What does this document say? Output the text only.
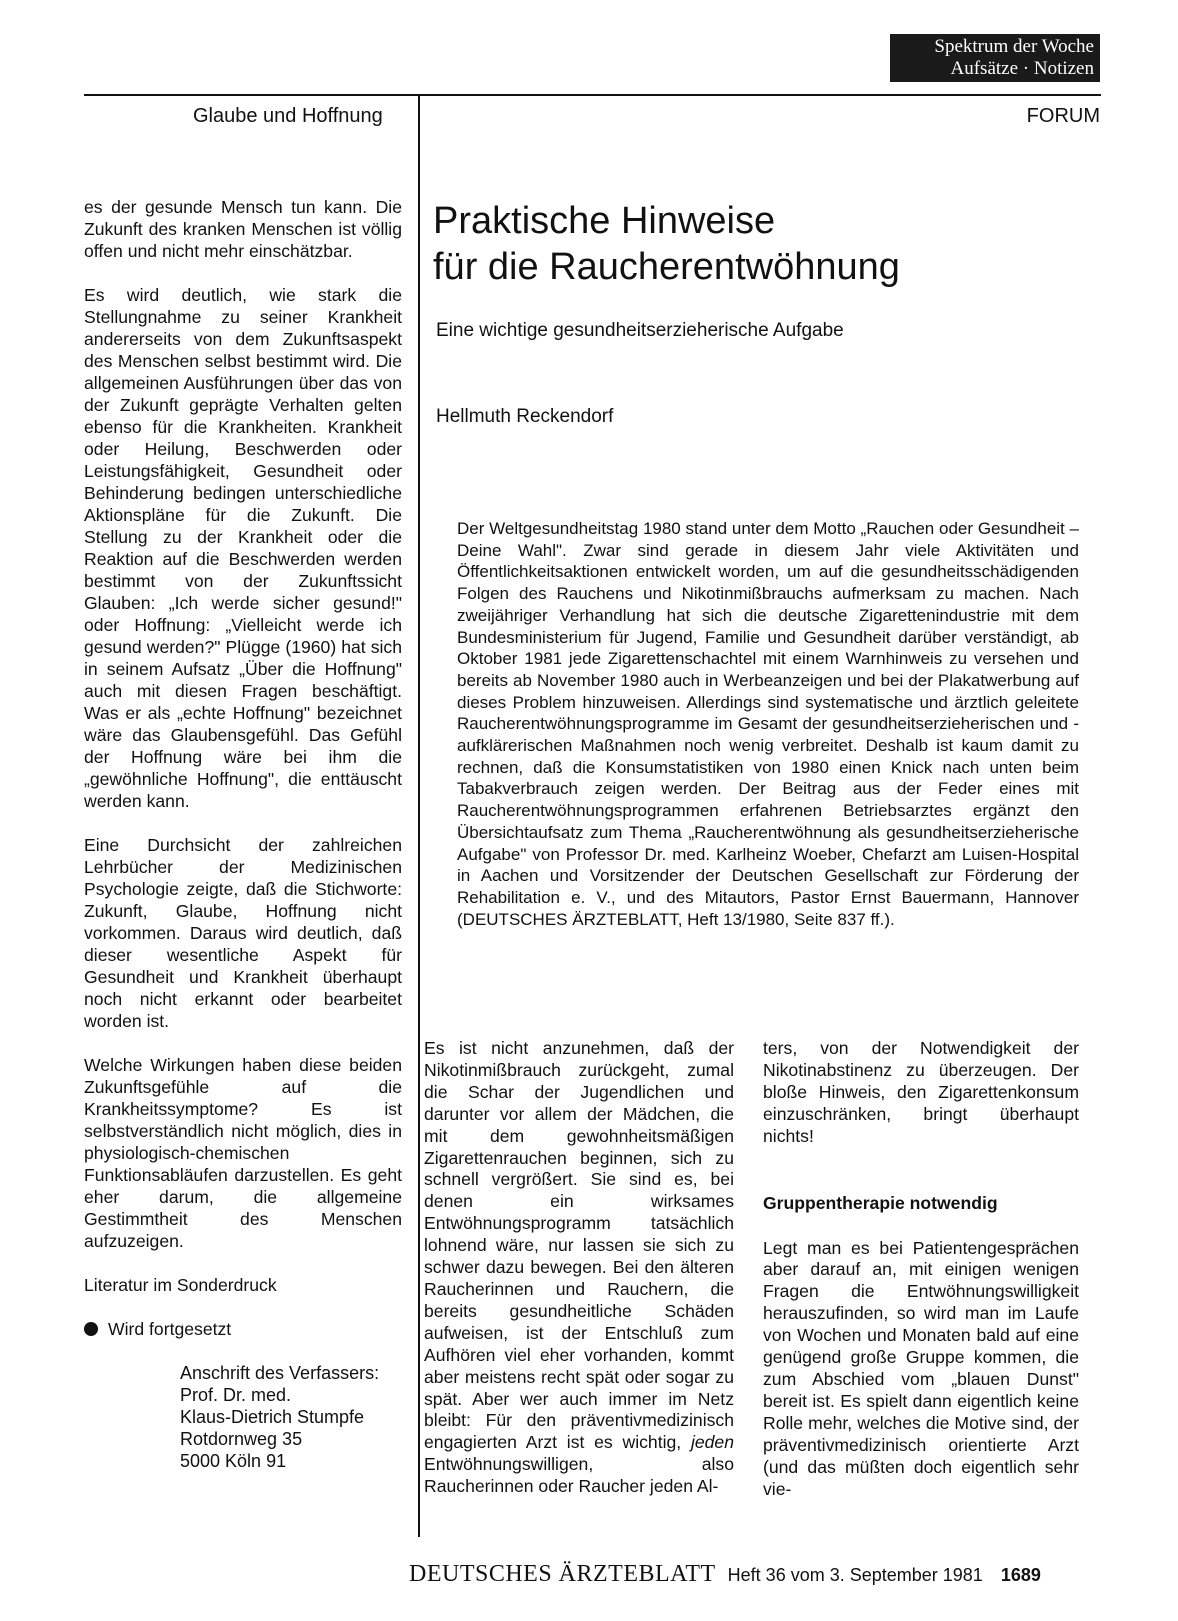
Spektrum der Woche
Aufsätze · Notizen
Glaube und Hoffnung	FORUM

es der gesunde Mensch tun kann. Die Zukunft des kranken Menschen ist völlig offen und nicht mehr einschätzbar.

Es wird deutlich, wie stark die Stellungnahme zu seiner Krankheit andererseits von dem Zukunftsaspekt des Menschen selbst bestimmt wird. Die allgemeinen Ausführungen über das von der Zukunft geprägte Verhalten gelten ebenso für die Krankheiten. Krankheit oder Heilung, Beschwerden oder Leistungsfähigkeit, Gesundheit oder Behinderung bedingen unterschiedliche Aktionspläne für die Zukunft. Die Stellung zu der Krankheit oder die Reaktion auf die Beschwerden werden bestimmt von der Zukunftssicht Glauben: „Ich werde sicher gesund!" oder Hoffnung: „Vielleicht werde ich gesund werden?" Plügge (1960) hat sich in seinem Aufsatz „Über die Hoffnung" auch mit diesen Fragen beschäftigt. Was er als „echte Hoffnung" bezeichnet wäre das Glaubensgefühl. Das Gefühl der Hoffnung wäre bei ihm die „gewöhnliche Hoffnung", die enttäuscht werden kann.

Eine Durchsicht der zahlreichen Lehrbücher der Medizinischen Psychologie zeigte, daß die Stichworte: Zukunft, Glaube, Hoffnung nicht vorkommen. Daraus wird deutlich, daß dieser wesentliche Aspekt für Gesundheit und Krankheit überhaupt noch nicht erkannt oder bearbeitet worden ist.

Welche Wirkungen haben diese beiden Zukunftsgefühle auf die Krankheitssymptome? Es ist selbstverständlich nicht möglich, dies in physiologisch-chemischen Funktionsabläufen darzustellen. Es geht eher darum, die allgemeine Gestimmtheit des Menschen aufzuzeigen.

Literatur im Sonderdruck
Wird fortgesetzt
Anschrift des Verfassers:
Prof. Dr. med.
Klaus-Dietrich Stumpfe
Rotdornweg 35
5000 Köln 91
Praktische Hinweise
für die Raucherentwöhnung
Eine wichtige gesundheitserzieherische Aufgabe
Hellmuth Reckendorf

Der Weltgesundheitstag 1980 stand unter dem Motto „Rauchen oder Gesundheit – Deine Wahl". Zwar sind gerade in diesem Jahr viele Aktivitäten und Öffentlichkeitsaktionen entwickelt worden, um auf die gesundheitsschädigenden Folgen des Rauchens und Nikotinmißbrauchs aufmerksam zu machen. Nach zweijähriger Verhandlung hat sich die deutsche Zigarettenindustrie mit dem Bundesministerium für Jugend, Familie und Gesundheit darüber verständigt, ab Oktober 1981 jede Zigarettenschachtel mit einem Warnhinweis zu versehen und bereits ab November 1980 auch in Werbeanzeigen und bei der Plakatwerbung auf dieses Problem hinzuweisen. Allerdings sind systematische und ärztlich geleitete Raucherentwöhnungsprogramme im Gesamt der gesundheitserzieherischen und -aufklärerischen Maßnahmen noch wenig verbreitet. Deshalb ist kaum damit zu rechnen, daß die Konsumstatistiken von 1980 einen Knick nach unten beim Tabakverbrauch zeigen werden. Der Beitrag aus der Feder eines mit Raucherentwöhnungsprogrammen erfahrenen Betriebsarztes ergänzt den Übersichtaufsatz zum Thema „Raucherentwöhnung als gesundheitserzieherische Aufgabe" von Professor Dr. med. Karlheinz Woeber, Chefarzt am Luisen-Hospital in Aachen und Vorsitzender der Deutschen Gesellschaft zur Förderung der Rehabilitation e. V., und des Mitautors, Pastor Ernst Bauermann, Hannover (DEUTSCHES ÄRZTEBLATT, Heft 13/1980, Seite 837 ff.).

Es ist nicht anzunehmen, daß der Nikotinmißbrauch zurückgeht, zumal die Schar der Jugendlichen und darunter vor allem der Mädchen, die mit dem gewohnheitsmäßigen Zigarettenrauchen beginnen, sich zu schnell vergrößert. Sie sind es, bei denen ein wirksames Entwöhnungsprogramm tatsächlich lohnend wäre, nur lassen sie sich zu schwer dazu bewegen. Bei den älteren Raucherinnen und Rauchern, die bereits gesundheitliche Schäden aufweisen, ist der Entschluß zum Aufhören viel eher vorhanden, kommt aber meistens recht spät oder sogar zu spät. Aber wer auch immer im Netz bleibt: Für den präventivmedizinisch engagierten Arzt ist es wichtig, jeden Entwöhnungswilligen, also Raucherinnen oder Raucher jeden Al-

ters, von der Notwendigkeit der Nikotinabstinenz zu überzeugen. Der bloße Hinweis, den Zigarettenkonsum einzuschränken, bringt überhaupt nichts!

Gruppentherapie notwendig

Legt man es bei Patientengesprächen aber darauf an, mit einigen wenigen Fragen die Entwöhnungswilligkeit herauszufinden, so wird man im Laufe von Wochen und Monaten bald auf eine genügend große Gruppe kommen, die zum Abschied vom „blauen Dunst" bereit ist. Es spielt dann eigentlich keine Rolle mehr, welches die Motive sind, der präventivmedizinisch orientierte Arzt (und das müßten doch eigentlich sehr vie-

DEUTSCHES ÄRZTEBLATT Heft 36 vom 3. September 1981 1689
